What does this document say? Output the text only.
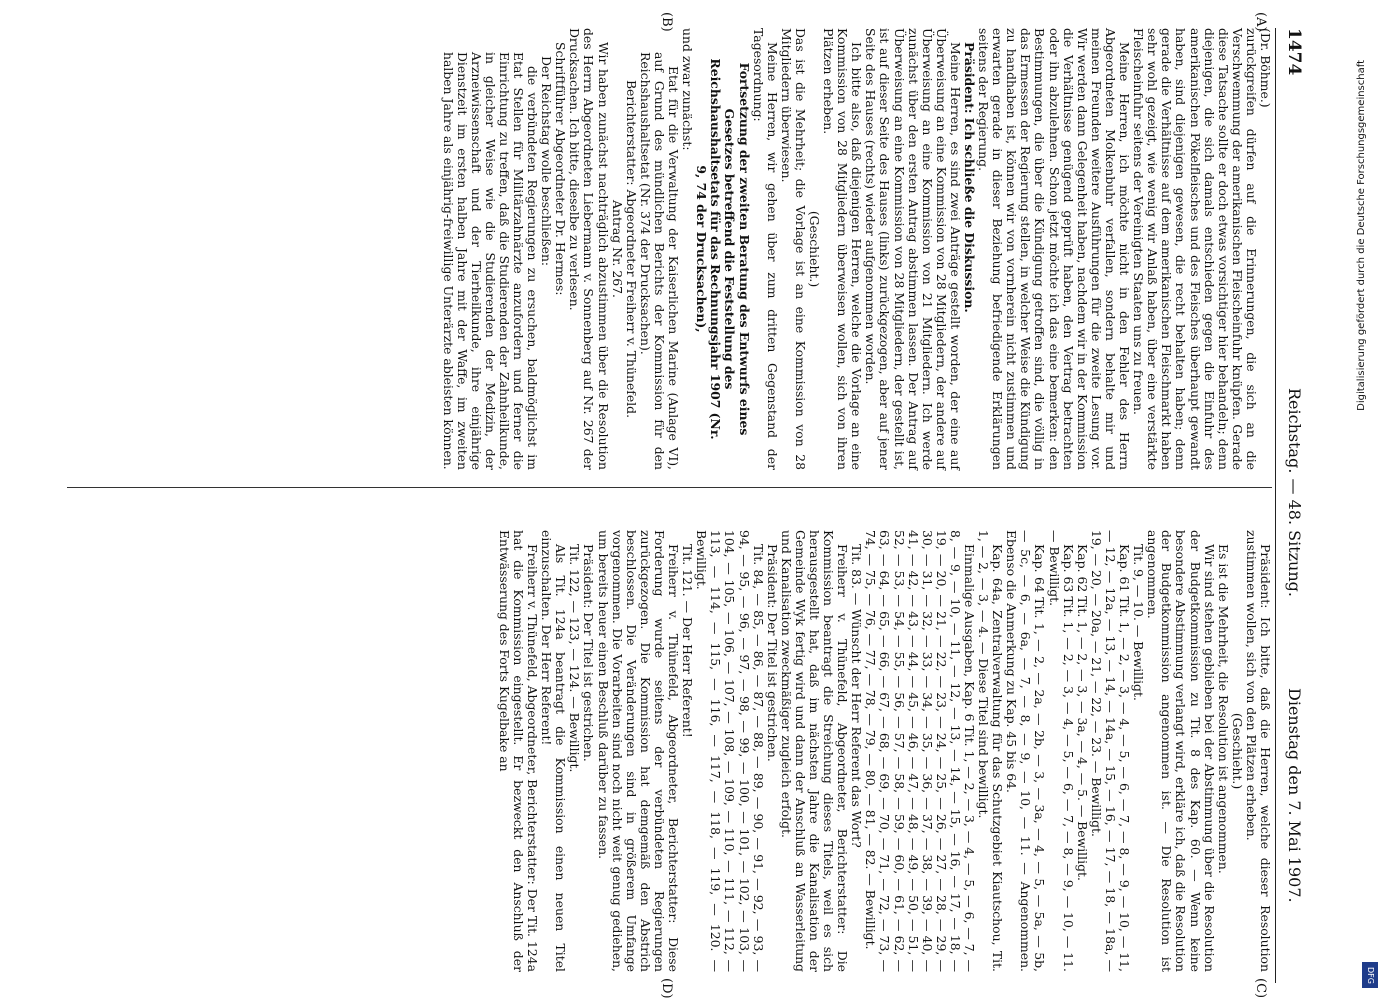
1474
Reichstag. — 48. Sitzung.
Dienstag den 7. Mai 1907.
(A)
(B)
(C)
(D)

(Dr. Böhme.)

zurückgreifen dürfen auf die Erinnerungen, die sich an die Verschwemmung der amerikanischen Fleischeinfuhr knüpfen. Gerade diese Tatsache sollte er doch etwas vorsichtiger hier behandeln; denn diejenigen, die sich damals entschieden gegen die Einfuhr des amerikanischen Pökelfleisches und des Fleisches überhaupt gewandt haben, sind diejenigen gewesen, die recht behalten haben; denn gerade die Verhältnisse auf dem amerikanischen Fleischmarkt haben sehr wohl gezeigt, wie wenig wir Anlaß haben, über eine verstärkte Fleischeinfuhr seitens der Vereinigten Staaten uns zu freuen.

Meine Herren, ich möchte nicht in den Fehler des Herrn Abgeordneten Molkenbuhr verfallen, sondern behalte mir und meinen Freunden weitere Ausführungen für die zweite Lesung vor. Wir werden dann Gelegenheit haben, nachdem wir in der Kommission die Verhältnisse genügend geprüft haben, den Vertrag betrachten oder ihn abzulehnen. Schon jetzt möchte ich das eine bemerken: den Bestimmungen, die über die Kündigung getroffen sind, die völlig in das Ermessen der Regierung stellen, in welcher Weise die Kündigung zu handhaben ist, können wir von vornherein nicht zustimmen und erwarten gerade in dieser Beziehung befriedigende Erklärungen seitens der Regierung.

Präsident: Ich schließe die Diskussion.

Meine Herren, es sind zwei Anträge gestellt worden, der eine auf Überweisung an eine Kommission von 28 Mitgliedern, der andere auf Überweisung an eine Kommission von 21 Mitgliedern. Ich werde zunächst über den ersten Antrag abstimmen lassen. Der Antrag auf Überweisung an eine Kommission von 28 Mitgliedern, der gestellt ist, ist auf dieser Seite des Hauses (links) zurückgezogen, aber auf jener Seite des Hauses (rechts) wieder aufgenommen worden.

Ich bitte also, daß diejenigen Herren, welche die Vorlage an eine Kommission von 28 Mitgliedern überweisen wollen, sich von ihren Plätzen erheben.

(Geschieht.)

Das ist die Mehrheit; die Vorlage ist an eine Kommission von 28 Mitgliedern überwiesen.

Meine Herren, wir gehen über zum dritten Gegenstand der Tagesordnung:

Fortsetzung der zweiten Beratung des Entwurfs eines Gesetzes betreffend die Feststellung des Reichshaushaltsetats für das Rechnungsjahr 1907 (Nr. 9, 74 der Drucksachen),

und zwar zunächst:

Etat für die Verwaltung der Kaiserlichen Marine (Anlage VI), auf Grund des mündlichen Berichts der Kommission für den Reichshaushaltsetat (Nr. 374 der Drucksachen).

Berichterstatter: Abgeordneter Freiherr v. Thünefeld.

Antrag Nr. 267.

Wir haben zunächst nachträglich abzustimmen über die Resolution des Herrn Abgeordneten Liebermann v. Sonnenberg auf Nr. 267 der Drucksachen. Ich bitte, dieselbe zu verlesen.

Schriftführer Abgeordneter Dr. Hermes:

Der Reichstag wolle beschließen:

die verbündeten Regierungen zu ersuchen, baldmöglichst im Etat Stellen für Militärzahnärzte anzufordern und ferner die Einrichtung zu treffen, daß die Studierenden der Zahnheilkunde, in gleicher Weise wie die Studierenden der Medizin, der Arzneiwissenschaft und der Tierheilkunde, ihre einjährige Dienstzeit im ersten halben Jahre mit der Waffe, im zweiten halben Jahre als einjährig-freiwillige Unterärzte ableisten können.

Präsident: Ich bitte, daß die Herren, welche dieser Resolution zustimmen wollen, sich von den Plätzen erheben.

(Geschieht.)

Es ist die Mehrheit, die Resolution ist angenommen.

Wir sind stehen geblieben bei der Abstimmung über die Resolution der Budgetkommission zu Tit. 8 des Kap. 60. — Wenn keine besondere Abstimmung verlangt wird, erkläre ich, daß die Resolution der Budgetkommission angenommen ist. — Die Resolution ist angenommen.

Tit. 9, — 10. — Bewilligt.

Kap. 61 Tit. 1, — 2, — 3, — 4, — 5, — 6, — 7, — 8, — 9, — 10, — 11, — 12, — 12a, — 13, — 14, — 14a, — 15, — 16, — 17, — 18, — 18a, — 19, — 20, — 20a, — 21, — 22, — 23. — Bewilligt.

Kap. 62 Tit. 1, — 2, — 3, — 3a, — 4, — 5. — Bewilligt.

Kap. 63 Tit. 1, — 2, — 3, — 4, — 5, — 6, — 7, — 8, — 9, — 10, — 11. — Bewilligt.

Kap. 64 Tit. 1, — 2, — 2a, — 2b, — 3, — 3a, — 4, — 5, — 5a, — 5b, — 5c, — 6, — 6a, — 7, — 8, — 9, — 10, — 11. — Angenommen. Ebenso die Anmerkung zu Kap. 45 bis 64.

Kap. 64a, Zentralverwaltung für das Schutzgebiet Kiautschou, Tit. 1, — 2, — 3, — 4. — Diese Titel sind bewilligt.

Einmalige Ausgaben, Kap. 6 Tit. 1, — 2, — 3, — 4, — 5, — 6, — 7, — 8, — 9, — 10, — 11, — 12, — 13, — 14, — 15, — 16, — 17, — 18, — 19, — 20, — 21, — 22, — 23, — 24, — 25, — 26, — 27, — 28, — 29, — 30, — 31, — 32, — 33, — 34, — 35, — 36, — 37, — 38, — 39, — 40, — 41, — 42, — 43, — 44, — 45, — 46, — 47, — 48, — 49, — 50, — 51, — 52, — 53, — 54, — 55, — 56, — 57, — 58, — 59, — 60, — 61, — 62, — 63, — 64, — 65, — 66, — 67, — 68, — 69, — 70, — 71, — 72, — 73, — 74, — 75, — 76, — 77, — 78, — 79, — 80, — 81, — 82. — Bewilligt.

Tit. 83. — Wünscht der Herr Referent das Wort?

Freiherr v. Thünefeld, Abgeordneter, Berichterstatter: Die Kommission beantragt die Streichung dieses Titels, weil es sich herausgestellt hat, daß im nächsten Jahre die Kanalisation der Gemeinde Wyk fertig wird und dann der Anschluß an Wasserleitung und Kanalisation zweckmäßiger zugleich erfolgt.

Präsident: Der Titel ist gestrichen.

Tit. 84, — 85, — 86, — 87, — 88, — 89, — 90, — 91, — 92, — 93, — 94, — 95, — 96, — 97, — 98, — 99, — 100, — 101, — 102, — 103, — 104, — 105, — 106, — 107, — 108, — 109, — 110, — 111, — 112, — 113, — 114, — 115, — 116, — 117, — 118, — 119, — 120. — Bewilligt.

Tit. 121. — Der Herr Referent!

Freiherr v. Thünefeld, Abgeordneter, Berichterstatter: Diese Forderung wurde seitens der verbündeten Regierungen zurückgezogen. Die Kommission hat demgemäß den Abstrich beschlossen. Die Veränderungen sind in größerem Umfange vorgenommen. Die Vorarbeiten sind noch nicht weit genug gediehen, um bereits heuer einen Beschluß darüber zu fassen.

Präsident: Der Titel ist gestrichen.

Tit. 122, — 123, — 124. — Bewilligt.

Als Tit. 124a beantragt die Kommission einen neuen Titel einzuschalten. Der Herr Referent!

Freiherr v. Thünefeld, Abgeordneter, Berichterstatter: Der Tit. 124a hat die Kommission eingestellt. Er bezweckt den Anschluß der Entwässerung des Forts Kugelbake an

Digitalisierung gefördert durch die Deutsche Forschungsgemeinschaft
DFG
